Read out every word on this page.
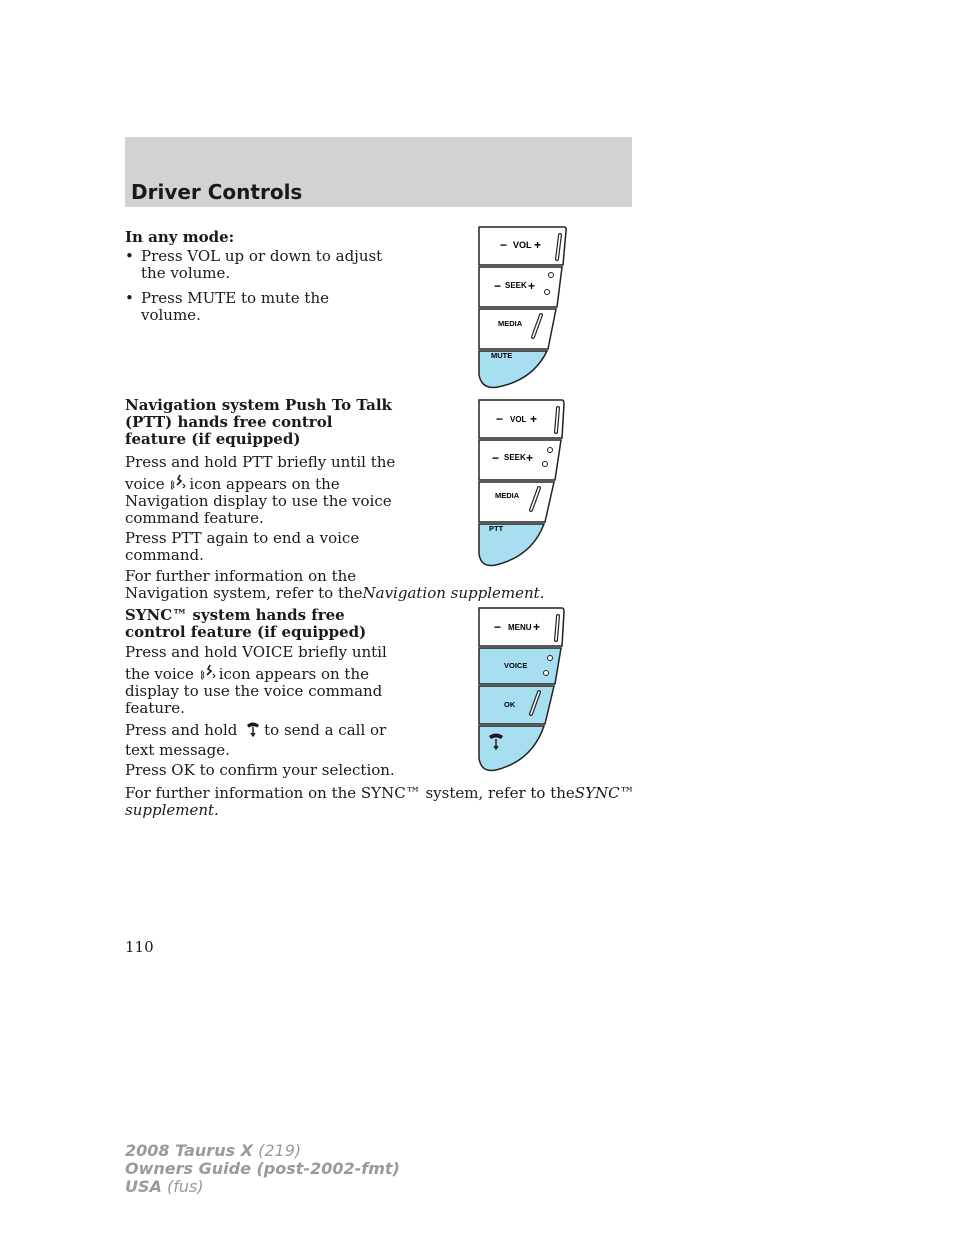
Driver Controls
In any mode:
• Press VOL up or down to adjust
the volume.
• Press MUTE to mute the volume.
Navigation system Push To Talk
(PTT) hands free control
feature (if equipped)
Press and hold PTT briefly until the
voice icon appears on the
Navigation display to use the voice
command feature.
Press PTT again to end a voice
command.
For further information on the
Navigation system, refer to theNavigation supplement.
SYNC™ system hands free
control feature (if equipped)
Press and hold VOICE briefly until
the voice icon appears on the
display to use the voice command
feature.
Press and hold to send a call or
text message.
Press OK to confirm your selection.
For further information on the SYNC™ system, refer to theSYNC™
supplement.
− VOL +
− SEEK +
MEDIA
MUTE
− VOL +
− SEEK +
MEDIA
PTT
− MENU +
VOICE
OK
110
2008 Taurus X (219)
Owners Guide (post-2002-fmt)
USA (fus)
